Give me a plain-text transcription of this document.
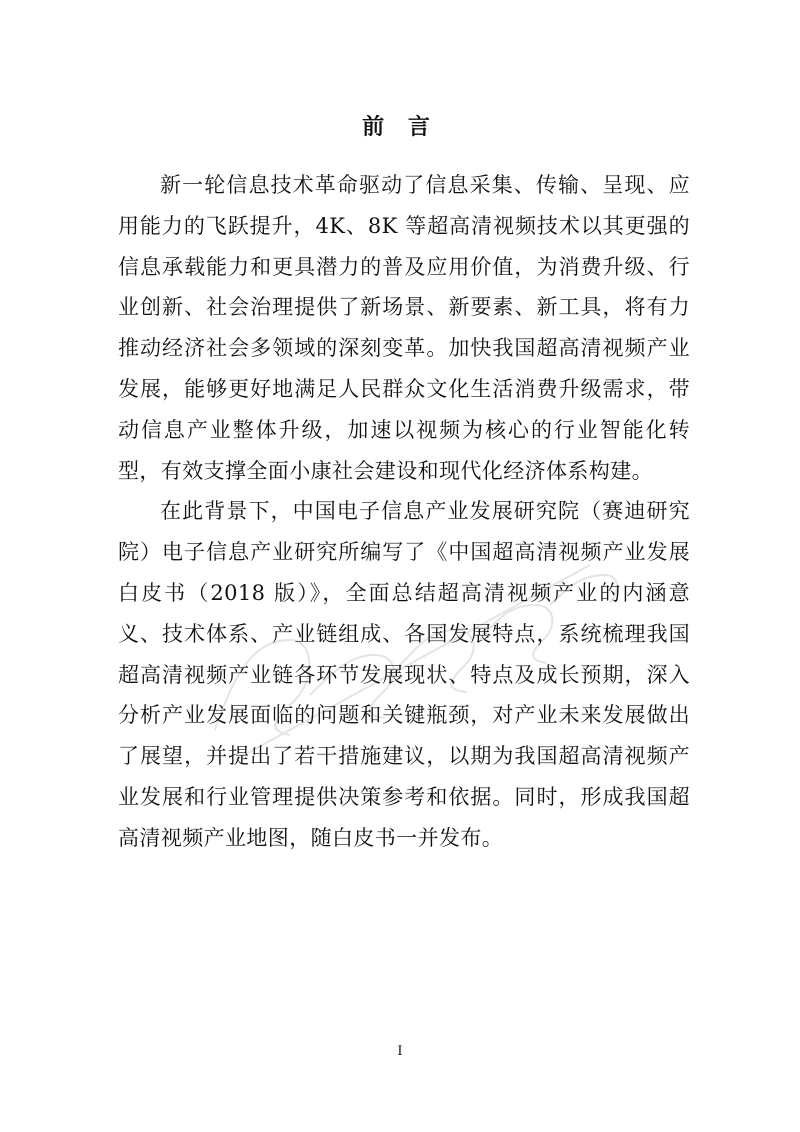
前 言

新一轮信息技术革命驱动了信息采集、传输、呈现、应用能力的飞跃提升，4K、8K 等超高清视频技术以其更强的信息承载能力和更具潜力的普及应用价值，为消费升级、行业创新、社会治理提供了新场景、新要素、新工具，将有力推动经济社会多领域的深刻变革。加快我国超高清视频产业发展，能够更好地满足人民群众文化生活消费升级需求，带动信息产业整体升级，加速以视频为核心的行业智能化转型，有效支撑全面小康社会建设和现代化经济体系构建。

在此背景下，中国电子信息产业发展研究院（赛迪研究院）电子信息产业研究所编写了《中国超高清视频产业发展白皮书（2018 版）》，全面总结超高清视频产业的内涵意义、技术体系、产业链组成、各国发展特点，系统梳理我国超高清视频产业链各环节发展现状、特点及成长预期，深入分析产业发展面临的问题和关键瓶颈，对产业未来发展做出了展望，并提出了若干措施建议，以期为我国超高清视频产业发展和行业管理提供决策参考和依据。同时，形成我国超高清视频产业地图，随白皮书一并发布。

I
